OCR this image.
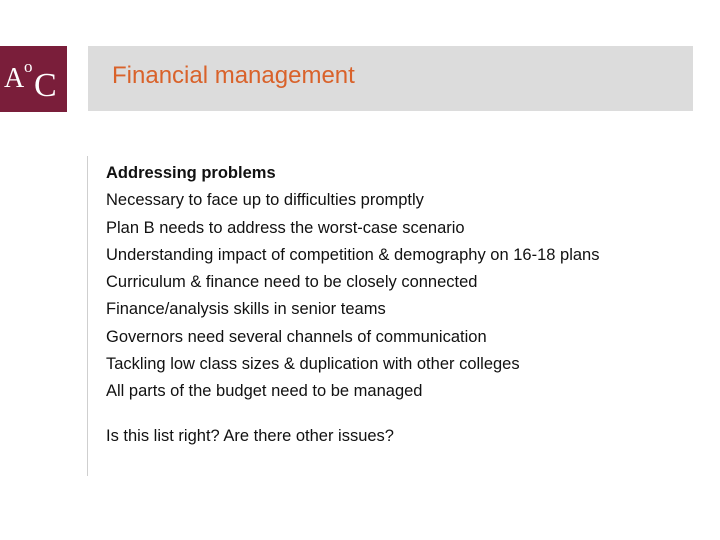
A o
C Financial management
Addressing problems
Necessary to face up to difficulties promptly
Plan B needs to address the worst-case scenario
Understanding impact of competition & demography on 16-18 plans
Curriculum & finance need to be closely connected
Finance/analysis skills in senior teams
Governors need several channels of communication
Tackling low class sizes & duplication with other colleges
All parts of the budget need to be managed
Is this list right? Are there other issues?
